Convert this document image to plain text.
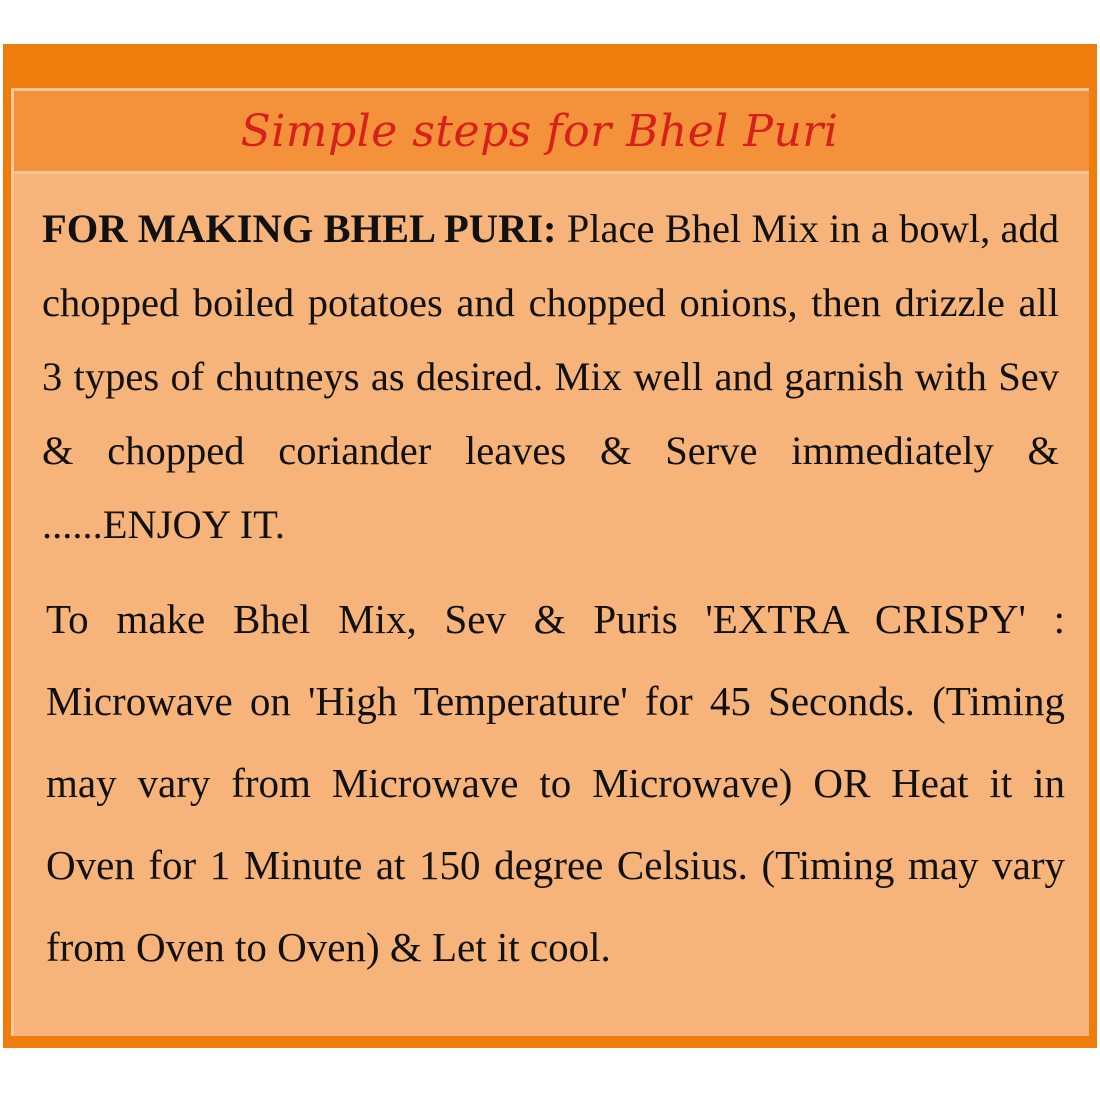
Simple steps for Bhel Puri

FOR MAKING BHEL PURI: Place Bhel Mix in a bowl, add chopped boiled potatoes and chopped onions, then drizzle all 3 types of chutneys as desired. Mix well and garnish with Sev & chopped coriander leaves & Serve immediately & ......ENJOY IT.

To make Bhel Mix, Sev & Puris 'EXTRA CRISPY' : Microwave on 'High Temperature' for 45 Seconds. (Timing may vary from Microwave to Microwave) OR Heat it in Oven for 1 Minute at 150 degree Celsius. (Timing may vary from Oven to Oven) & Let it cool.
